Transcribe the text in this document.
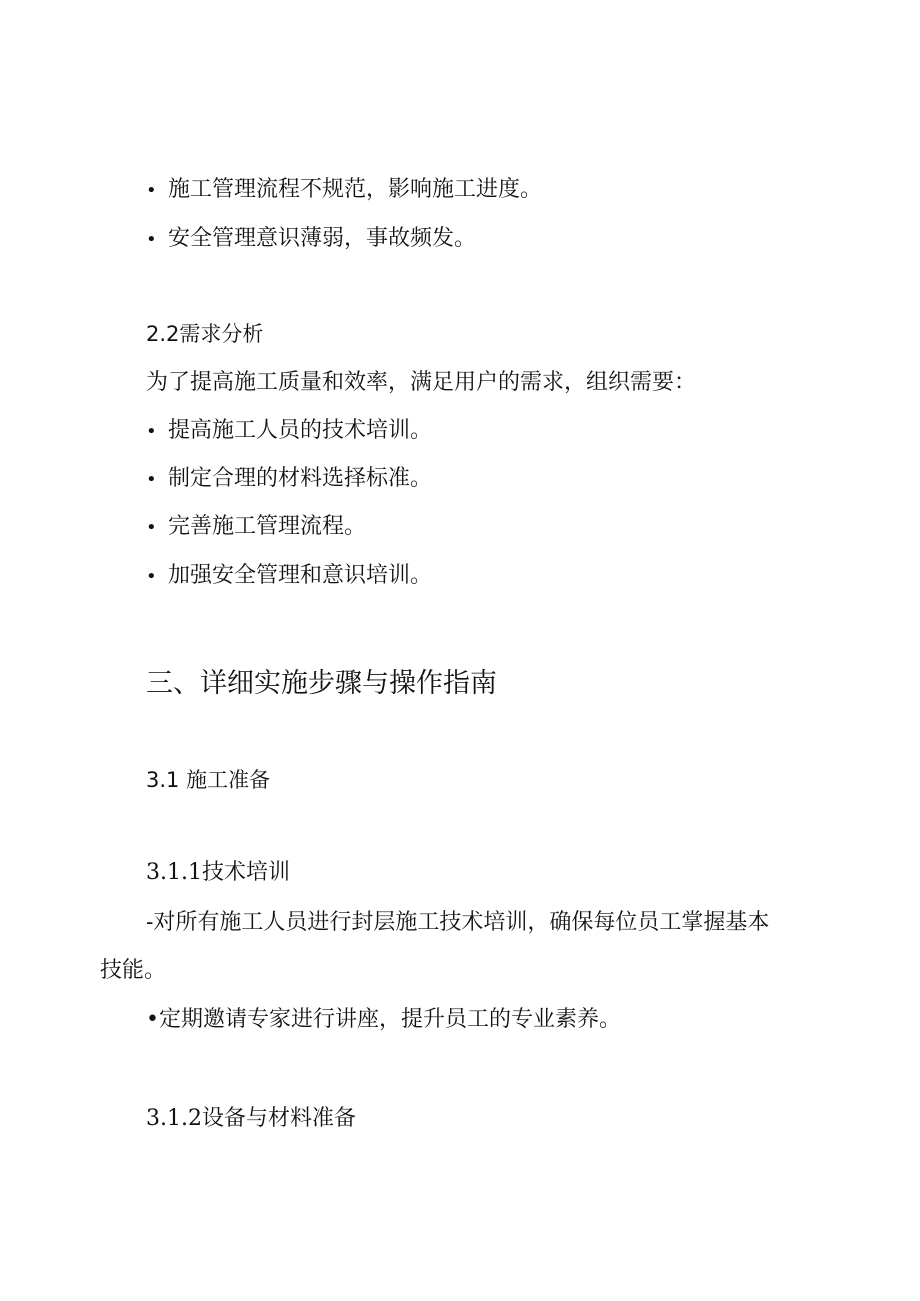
• 施工管理流程不规范，影响施工进度。
• 安全管理意识薄弱，事故频发。
2.2需求分析
为了提高施工质量和效率，满足用户的需求，组织需要：
• 提高施工人员的技术培训。
• 制定合理的材料选择标准。
• 完善施工管理流程。
• 加强安全管理和意识培训。
三、详细实施步骤与操作指南
3.1 施工准备
3.1.1技术培训
-对所有施工人员进行封层施工技术培训，确保每位员工掌握基本
技能。
•定期邀请专家进行讲座，提升员工的专业素养。
3.1.2设备与材料准备
